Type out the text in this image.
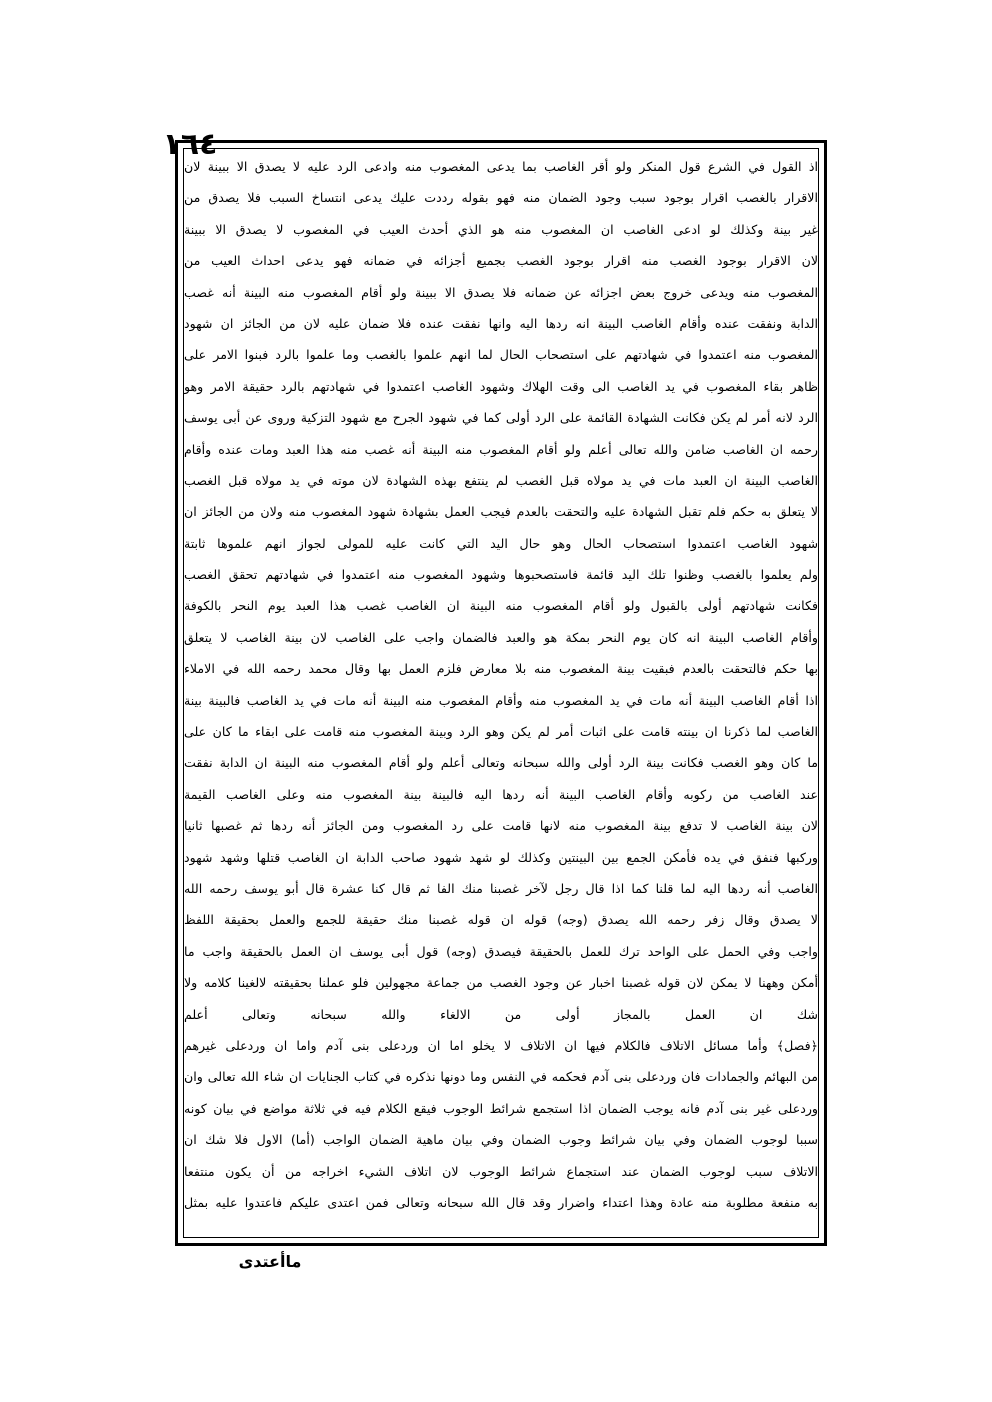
١٦٤
اذ القول في الشرع قول المنكر ولو أقر الغاصب بما يدعى المغصوب منه وادعى الرد عليه لا يصدق الا ببينة لان
الاقرار بالغصب اقرار بوجود سبب وجود الضمان منه فهو بقوله رددت عليك يدعى انتساخ السبب فلا يصدق من
غير بينة وكذلك لو ادعى الغاصب ان المغصوب منه هو الذي أحدث العيب في المغصوب لا يصدق الا ببينة
لان الاقرار بوجود الغصب منه اقرار بوجود الغصب بجميع أجزائه في ضمانه فهو يدعى احداث العيب من
المغصوب منه ويدعى خروج بعض اجزائه عن ضمانه فلا يصدق الا ببينة ولو أقام المغصوب منه البينة أنه غصب
الدابة ونفقت عنده وأقام الغاصب البينة انه ردها اليه وانها نفقت عنده فلا ضمان عليه لان من الجائز ان شهود
المغصوب منه اعتمدوا في شهادتهم على استصحاب الحال لما انهم علموا بالغصب وما علموا بالرد فبنوا الامر على
ظاهر بقاء المغصوب في يد الغاصب الى وقت الهلاك وشهود الغاصب اعتمدوا في شهادتهم بالرد حقيقة الامر وهو
الرد لانه أمر لم يكن فكانت الشهادة القائمة على الرد أولى كما في شهود الجرح مع شهود التزكية وروى عن أبى يوسف
رحمه ان الغاصب ضامن والله تعالى أعلم ولو أقام المغصوب منه البينة أنه غصب منه هذا العبد ومات عنده وأقام
الغاصب البينة ان العبد مات في يد مولاه قبل الغصب لم ينتفع بهذه الشهادة لان موته في يد مولاه قبل الغصب
لا يتعلق به حكم فلم تقبل الشهادة عليه والتحقت بالعدم فيجب العمل بشهادة شهود المغصوب منه ولان من الجائز ان
شهود الغاصب اعتمدوا استصحاب الحال وهو حال اليد التي كانت عليه للمولى لجواز انهم علموها ثابتة
ولم يعلموا بالغصب وظنوا تلك اليد قائمة فاستصحبوها وشهود المغصوب منه اعتمدوا في شهادتهم تحقق الغصب
فكانت شهادتهم أولى بالقبول ولو أقام المغصوب منه البينة ان الغاصب غصب هذا العبد يوم النحر بالكوفة
وأقام الغاصب البينة انه كان يوم النحر بمكة هو والعبد فالضمان واجب على الغاصب لان بينة الغاصب لا يتعلق
بها حكم فالتحقت بالعدم فبقيت بينة المغصوب منه بلا معارض فلزم العمل بها وقال محمد رحمه الله في الاملاء
اذا أقام الغاصب البينة أنه مات في يد المغصوب منه وأقام المغصوب منه البينة أنه مات في يد الغاصب فالبينة بينة
الغاصب لما ذكرنا ان بينته قامت على اثبات أمر لم يكن وهو الرد وبينة المغصوب منه قامت على ابقاء ما كان على
ما كان وهو الغصب فكانت بينة الرد أولى والله سبحانه وتعالى أعلم ولو أقام المغصوب منه البينة ان الدابة نفقت
عند الغاصب من ركوبه وأقام الغاصب البينة أنه ردها اليه فالبينة بينة المغصوب منه وعلى الغاصب القيمة
لان بينة الغاصب لا تدفع بينة المغصوب منه لانها قامت على رد المغصوب ومن الجائز أنه ردها ثم غصبها ثانيا
وركبها فنفق في يده فأمكن الجمع بين البينتين وكذلك لو شهد شهود صاحب الدابة ان الغاصب قتلها وشهد شهود
الغاصب أنه ردها اليه لما قلنا كما اذا قال رجل لآخر غصبنا منك الفا ثم قال كنا عشرة قال أبو يوسف رحمه الله
لا يصدق وقال زفر رحمه الله يصدق (وجه) قوله ان قوله غصبنا منك حقيقة للجمع والعمل بحقيقة اللفظ
واجب وفي الحمل على الواحد ترك للعمل بالحقيقة فيصدق (وجه) قول أبى يوسف ان العمل بالحقيقة واجب ما
أمكن وههنا لا يمكن لان قوله غصبنا اخبار عن وجود الغصب من جماعة مجهولين فلو عملنا بحقيقته لالغينا كلامه ولا
شك ان العمل بالمجاز أولى من الالغاء والله سبحانه وتعالى أعلم
﴿فصل﴾ وأما مسائل الاتلاف فالكلام فيها ان الاتلاف لا يخلو اما ان وردعلى بنى آدم واما ان وردعلى غيرهم
من البهائم والجمادات فان وردعلى بنى آدم فحكمه في النفس وما دونها نذكره في كتاب الجنايات ان شاء الله تعالى وان
وردعلى غير بنى آدم فانه يوجب الضمان اذا استجمع شرائط الوجوب فيقع الكلام فيه في ثلاثة مواضع في بيان كونه
سببا لوجوب الضمان وفي بيان شرائط وجوب الضمان وفي بيان ماهية الضمان الواجب (أما) الاول فلا شك ان
الاتلاف سبب لوجوب الضمان عند استجماع شرائط الوجوب لان اتلاف الشيء اخراجه من أن يكون منتفعا
به منفعة مطلوبة منه عادة وهذا اعتداء واضرار وقد قال الله سبحانه وتعالى فمن اعتدى عليكم فاعتدوا عليه بمثل
ماأعتدى
